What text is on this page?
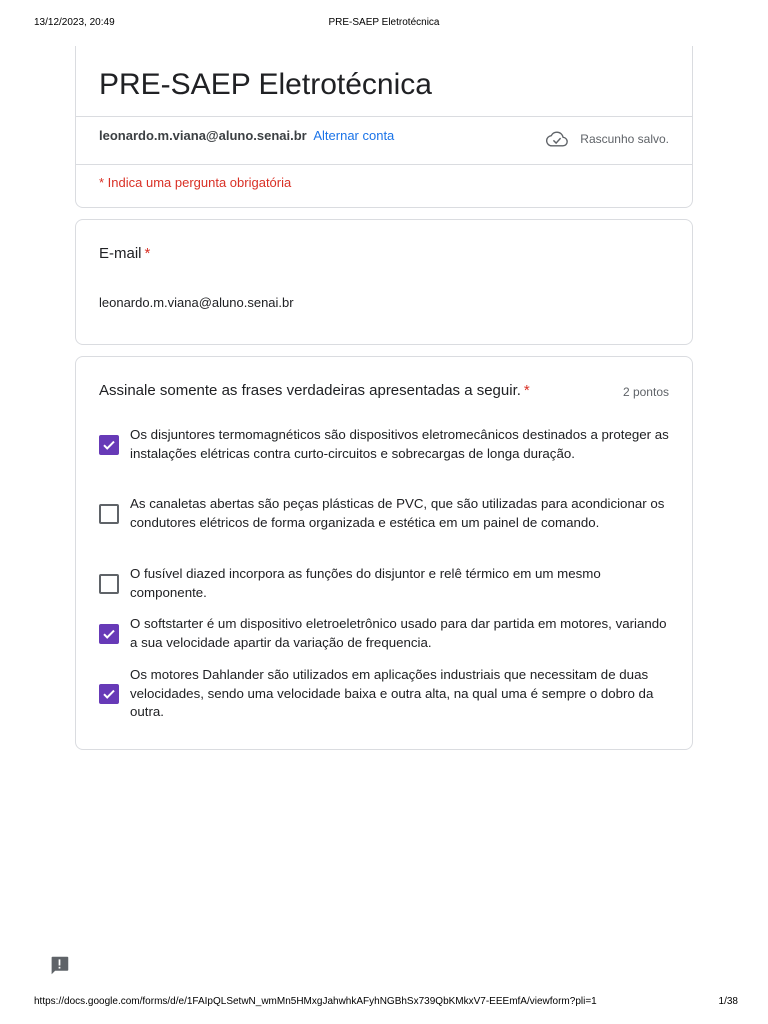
13/12/2023, 20:49	PRE-SAEP Eletrotécnica
PRE-SAEP Eletrotécnica
leonardo.m.viana@aluno.senai.br Alternar conta	Rascunho salvo.
* Indica uma pergunta obrigatória
E-mail *
leonardo.m.viana@aluno.senai.br
Assinale somente as frases verdadeiras apresentadas a seguir. *	2 pontos
Os disjuntores termomagnéticos são dispositivos eletromecânicos destinados a proteger as instalações elétricas contra curto-circuitos e sobrecargas de longa duração.
As canaletas abertas são peças plásticas de PVC, que são utilizadas para acondicionar os condutores elétricos de forma organizada e estética em um painel de comando.
O fusível diazed incorpora as funções do disjuntor e relê térmico em um mesmo componente.
O softstarter é um dispositivo eletroeletrônico usado para dar partida em motores, variando a sua velocidade apartir da variação de frequencia.
Os motores Dahlander são utilizados em aplicações industriais que necessitam de duas velocidades, sendo uma velocidade baixa e outra alta, na qual uma é sempre o dobro da outra.
https://docs.google.com/forms/d/e/1FAIpQLSetwN_wmMn5HMxgJahwhkAFyhNGBhSx739QbKMkxV7-EEEmfA/viewform?pli=1	1/38
